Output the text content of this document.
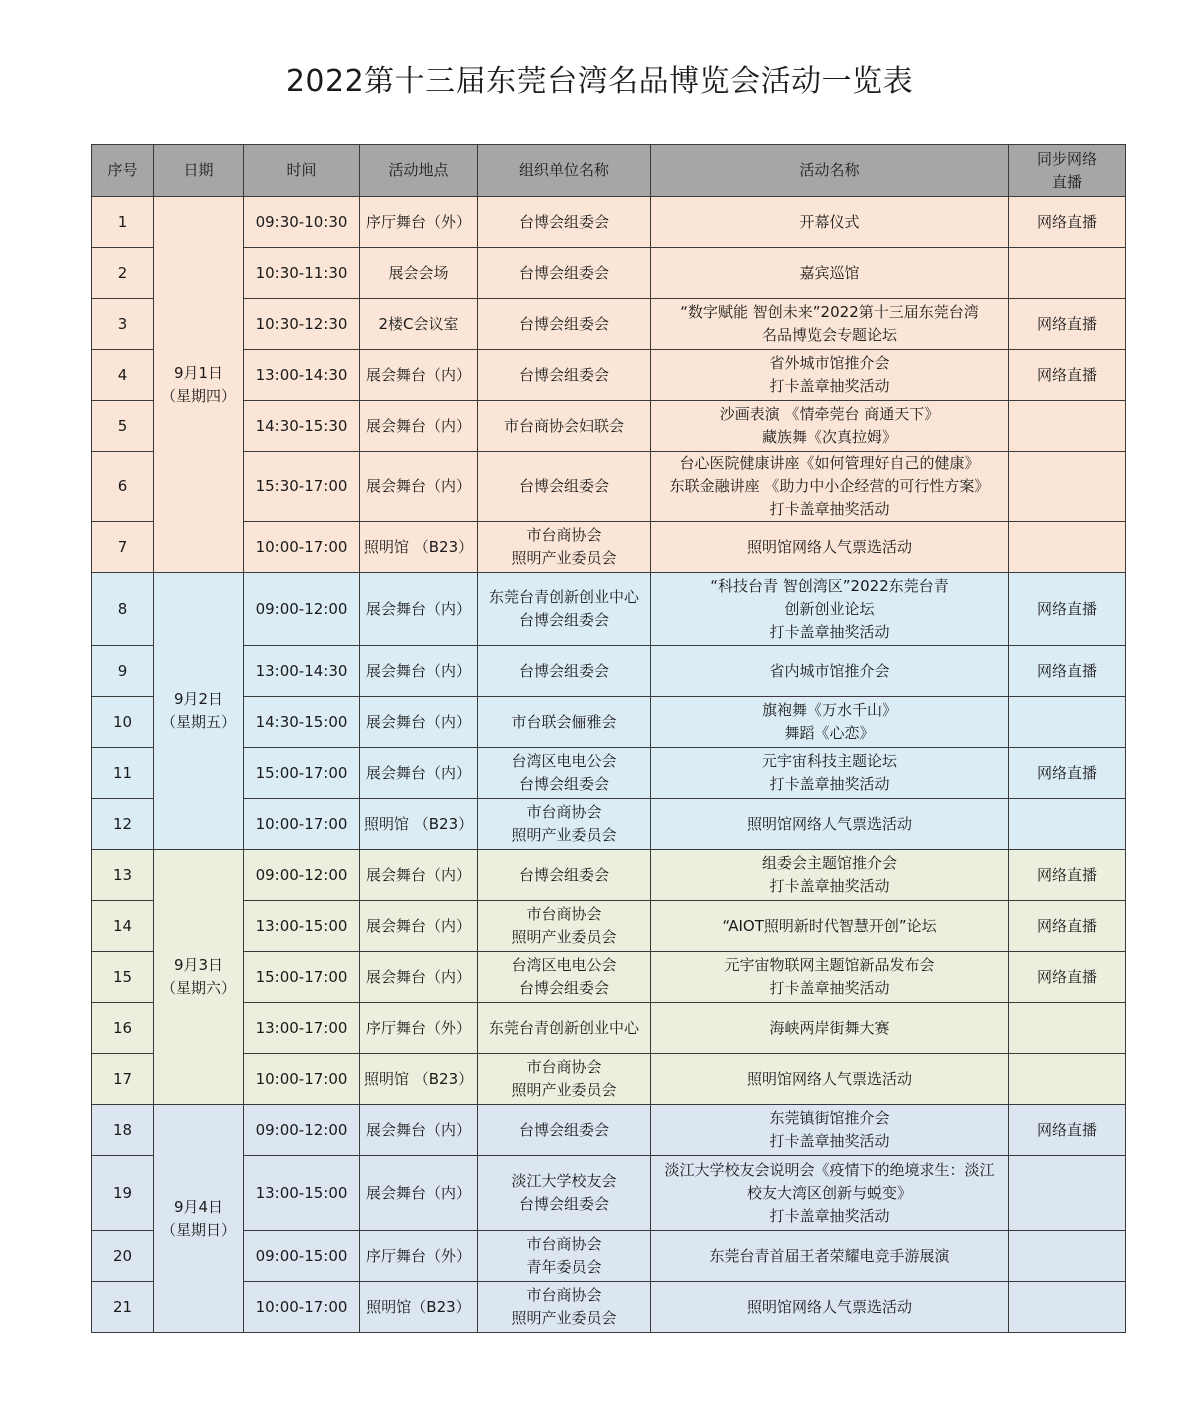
2022第十三届东莞台湾名品博览会活动一览表
序号	日期	时间	活动地点	组织单位名称	活动名称	同步网络
直播
1	9月1日
（星期四）	09:30-10:30	序厅舞台（外）	台博会组委会	开幕仪式	网络直播
2		10:30-11:30	展会会场	台博会组委会	嘉宾巡馆	
3		10:30-12:30	2楼C会议室	台博会组委会	“数字赋能 智创未来”2022第十三届东莞台湾
名品博览会专题论坛	网络直播
4		13:00-14:30	展会舞台（内）	台博会组委会	省外城市馆推介会
打卡盖章抽奖活动	网络直播
5		14:30-15:30	展会舞台（内）	市台商协会妇联会	沙画表演 《情牵莞台 商通天下》
藏族舞《次真拉姆》	
6		15:30-17:00	展会舞台（内）	台博会组委会	台心医院健康讲座《如何管理好自己的健康》
东联金融讲座 《助力中小企经营的可行性方案》
打卡盖章抽奖活动	
7		10:00-17:00	照明馆 （B23）	市台商协会
照明产业委员会	照明馆网络人气票选活动	
8	9月2日
（星期五）	09:00-12:00	展会舞台（内）	东莞台青创新创业中心
台博会组委会	“科技台青 智创湾区”2022东莞台青
创新创业论坛
打卡盖章抽奖活动	网络直播
9		13:00-14:30	展会舞台（内）	台博会组委会	省内城市馆推介会	网络直播
10		14:30-15:00	展会舞台（内）	市台联会俪雅会	旗袍舞《万水千山》
舞蹈《心恋》	
11		15:00-17:00	展会舞台（内）	台湾区电电公会
台博会组委会	元宇宙科技主题论坛
打卡盖章抽奖活动	网络直播
12		10:00-17:00	照明馆 （B23）	市台商协会
照明产业委员会	照明馆网络人气票选活动	
13	9月3日
（星期六）	09:00-12:00	展会舞台（内）	台博会组委会	组委会主题馆推介会
打卡盖章抽奖活动	网络直播
14		13:00-15:00	展会舞台（内）	市台商协会
照明产业委员会	“AIOT照明新时代智慧开创”论坛	网络直播
15		15:00-17:00	展会舞台（内）	台湾区电电公会
台博会组委会	元宇宙物联网主题馆新品发布会
打卡盖章抽奖活动	网络直播
16		13:00-17:00	序厅舞台（外）	东莞台青创新创业中心	海峡两岸街舞大赛	
17		10:00-17:00	照明馆 （B23）	市台商协会
照明产业委员会	照明馆网络人气票选活动	
18	9月4日
（星期日）	09:00-12:00	展会舞台（内）	台博会组委会	东莞镇街馆推介会
打卡盖章抽奖活动	网络直播
19		13:00-15:00	展会舞台（内）	淡江大学校友会
台博会组委会	淡江大学校友会说明会《疫情下的绝境求生：淡江
校友大湾区创新与蜕变》
打卡盖章抽奖活动	
20		09:00-15:00	序厅舞台（外）	市台商协会
青年委员会	东莞台青首届王者荣耀电竞手游展演	
21		10:00-17:00	照明馆（B23）	市台商协会
照明产业委员会	照明馆网络人气票选活动	
